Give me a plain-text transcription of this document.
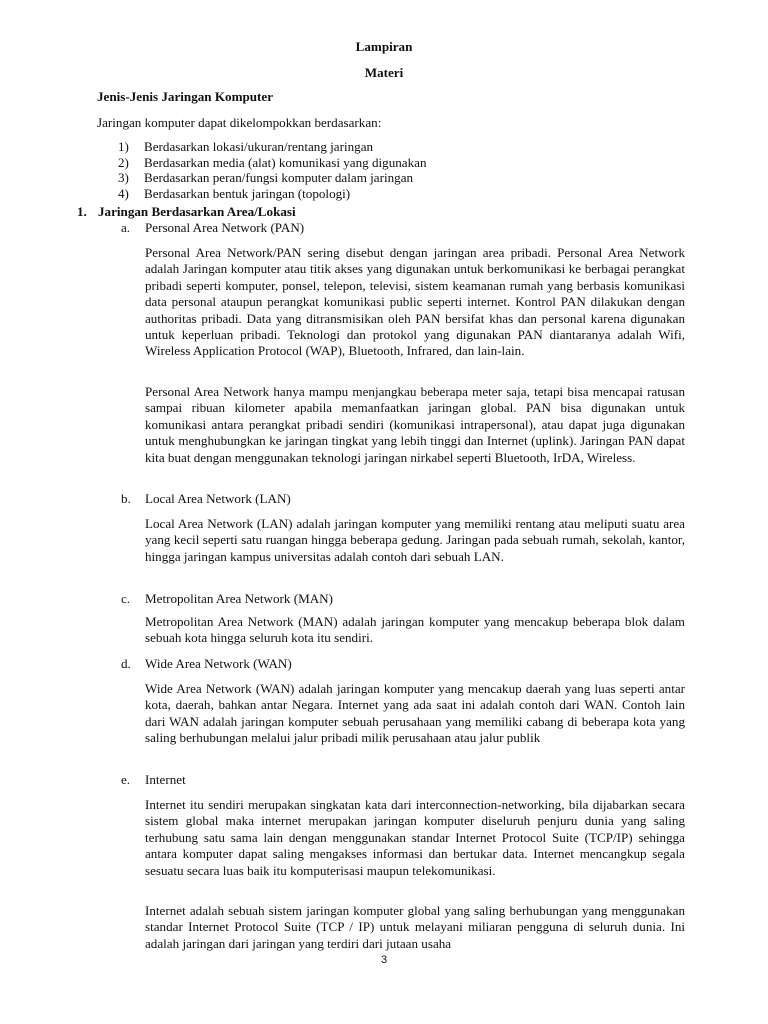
Lampiran
Materi
Jenis-Jenis Jaringan Komputer
Jaringan komputer dapat dikelompokkan berdasarkan:
1) Berdasarkan lokasi/ukuran/rentang jaringan
2) Berdasarkan media (alat) komunikasi yang digunakan
3) Berdasarkan peran/fungsi komputer dalam jaringan
4) Berdasarkan bentuk jaringan (topologi)
1. Jaringan Berdasarkan Area/Lokasi
a. Personal Area Network (PAN)

Personal Area Network/PAN sering disebut dengan jaringan area pribadi. Personal Area Network adalah Jaringan komputer atau titik akses yang digunakan untuk berkomunikasi ke berbagai perangkat pribadi seperti komputer, ponsel, telepon, televisi, sistem keamanan rumah yang berbasis komunikasi data personal ataupun perangkat komunikasi public seperti internet. Kontrol PAN dilakukan dengan authoritas pribadi. Data yang ditransmisikan oleh PAN bersifat khas dan personal karena digunakan untuk keperluan pribadi. Teknologi dan protokol yang digunakan PAN diantaranya adalah Wifi, Wireless Application Protocol (WAP), Bluetooth, Infrared, dan lain-lain.

Personal Area Network hanya mampu menjangkau beberapa meter saja, tetapi bisa mencapai ratusan sampai ribuan kilometer apabila memanfaatkan jaringan global. PAN bisa digunakan untuk komunikasi antara perangkat pribadi sendiri (komunikasi intrapersonal), atau dapat juga digunakan untuk menghubungkan ke jaringan tingkat yang lebih tinggi dan Internet (uplink). Jaringan PAN dapat kita buat dengan menggunakan teknologi jaringan nirkabel seperti Bluetooth, IrDA, Wireless.

b. Local Area Network (LAN)

Local Area Network (LAN) adalah jaringan komputer yang memiliki rentang atau meliputi suatu area yang kecil seperti satu ruangan hingga beberapa gedung. Jaringan pada sebuah rumah, sekolah, kantor, hingga jaringan kampus universitas adalah contoh dari sebuah LAN.

c. Metropolitan Area Network (MAN)

Metropolitan Area Network (MAN) adalah jaringan komputer yang mencakup beberapa blok dalam sebuah kota hingga seluruh kota itu sendiri.

d. Wide Area Network (WAN)

Wide Area Network (WAN) adalah jaringan komputer yang mencakup daerah yang luas seperti antar kota, daerah, bahkan antar Negara. Internet yang ada saat ini adalah contoh dari WAN. Contoh lain dari WAN adalah jaringan komputer sebuah perusahaan yang memiliki cabang di beberapa kota yang saling berhubungan melalui jalur pribadi milik perusahaan atau jalur publik

e. Internet

Internet itu sendiri merupakan singkatan kata dari interconnection-networking, bila dijabarkan secara sistem global maka internet merupakan jaringan komputer diseluruh penjuru dunia yang saling terhubung satu sama lain dengan menggunakan standar Internet Protocol Suite (TCP/IP) sehingga antara komputer dapat saling mengakses informasi dan bertukar data. Internet mencangkup segala sesuatu secara luas baik itu komputerisasi maupun telekomunikasi.

Internet adalah sebuah sistem jaringan komputer global yang saling berhubungan yang menggunakan standar Internet Protocol Suite (TCP / IP) untuk melayani miliaran pengguna di seluruh dunia. Ini adalah jaringan dari jaringan yang terdiri dari jutaan usaha

3
